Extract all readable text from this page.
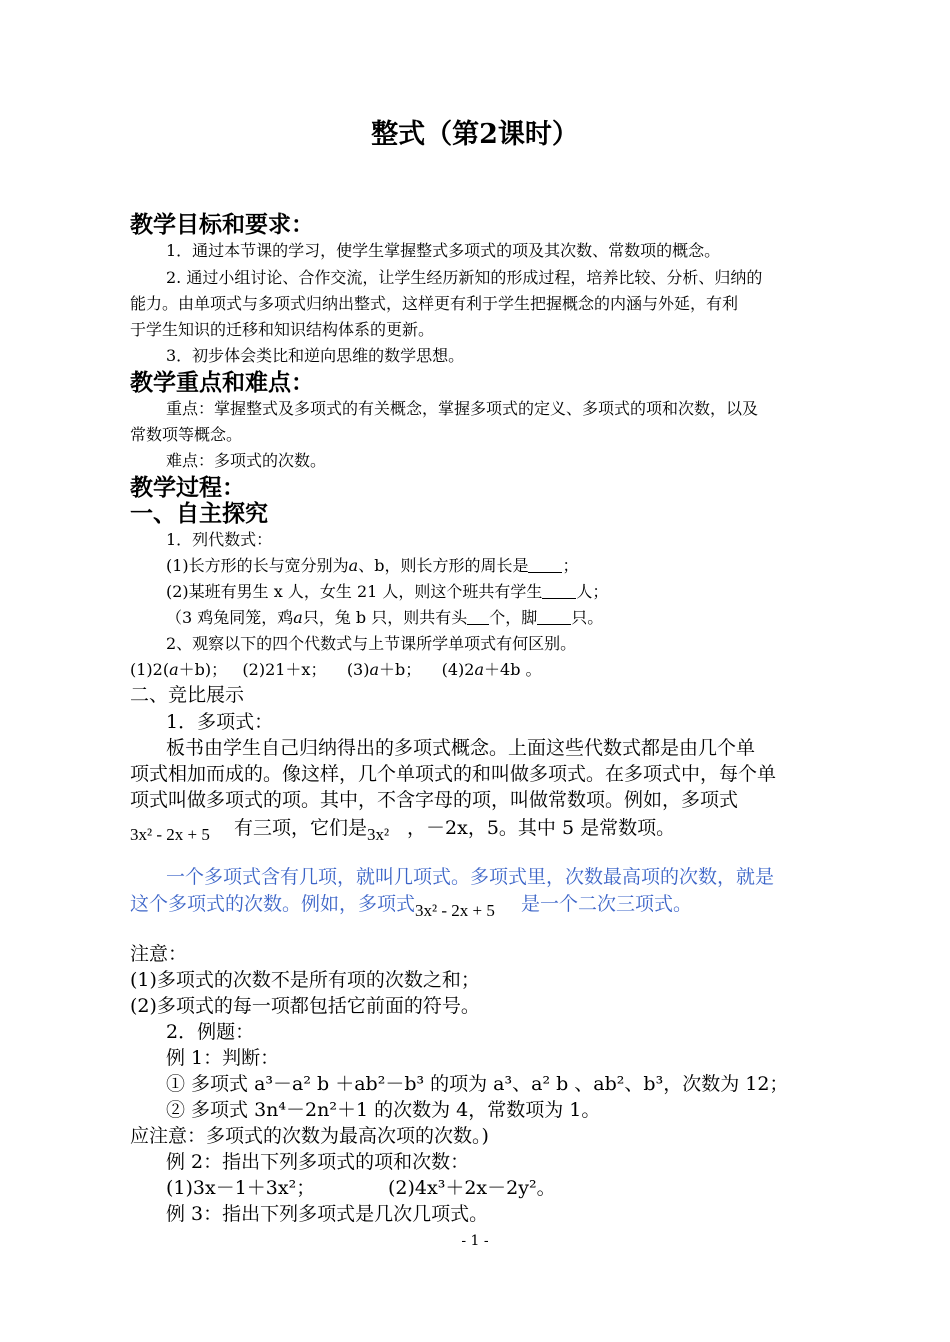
整式（第2课时）
教学目标和要求：
1．通过本节课的学习，使学生掌握整式多项式的项及其次数、常数项的概念。
2. 通过小组讨论、合作交流，让学生经历新知的形成过程，培养比较、分析、归纳的
能力。由单项式与多项式归纳出整式，这样更有利于学生把握概念的内涵与外延，有利
于学生知识的迁移和知识结构体系的更新。
3．初步体会类比和逆向思维的数学思想。
教学重点和难点：
重点：掌握整式及多项式的有关概念，掌握多项式的定义、多项式的项和次数，以及
常数项等概念。
难点：多项式的次数。
教学过程：
一、自主探究
1．列代数式：
(1)长方形的长与宽分别为a、b，则长方形的周长是 ；
(2)某班有男生 x 人，女生 21 人，则这个班共有学生 人；
（3 鸡兔同笼，鸡a只，兔 b 只，则共有头 个，脚 只。
2、观察以下的四个代数式与上节课所学单项式有何区别。
(1)2(a＋b)； (2)21＋x； (3)a＋b； (4)2a＋4b 。
二、竞比展示
1．多项式：
板书由学生自己归纳得出的多项式概念。上面这些代数式都是由几个单
项式相加而成的。像这样，几个单项式的和叫做多项式。在多项式中，每个单
项式叫做多项式的项。其中，不含字母的项，叫做常数项。例如，多项式
3x² - 2x + 5 有三项，它们是3x² ，－2x，5。其中 5 是常数项。
一个多项式含有几项，就叫几项式。多项式里，次数最高项的次数，就是
这个多项式的次数。例如，多项式3x² - 2x + 5 是一个二次三项式。
注意：
(1)多项式的次数不是所有项的次数之和；
(2)多项式的每一项都包括它前面的符号。
2．例题：
例 1：判断：
① 多项式 a³－a² b ＋ab²－b³ 的项为 a³、a² b 、ab²、b³，次数为 12；
② 多项式 3n⁴－2n²＋1 的次数为 4，常数项为 1。
应注意：多项式的次数为最高次项的次数。)
例 2：指出下列多项式的项和次数：
(1)3x－1＋3x²；	(2)4x³＋2x－2y²。
例 3：指出下列多项式是几次几项式。
- 1 -
